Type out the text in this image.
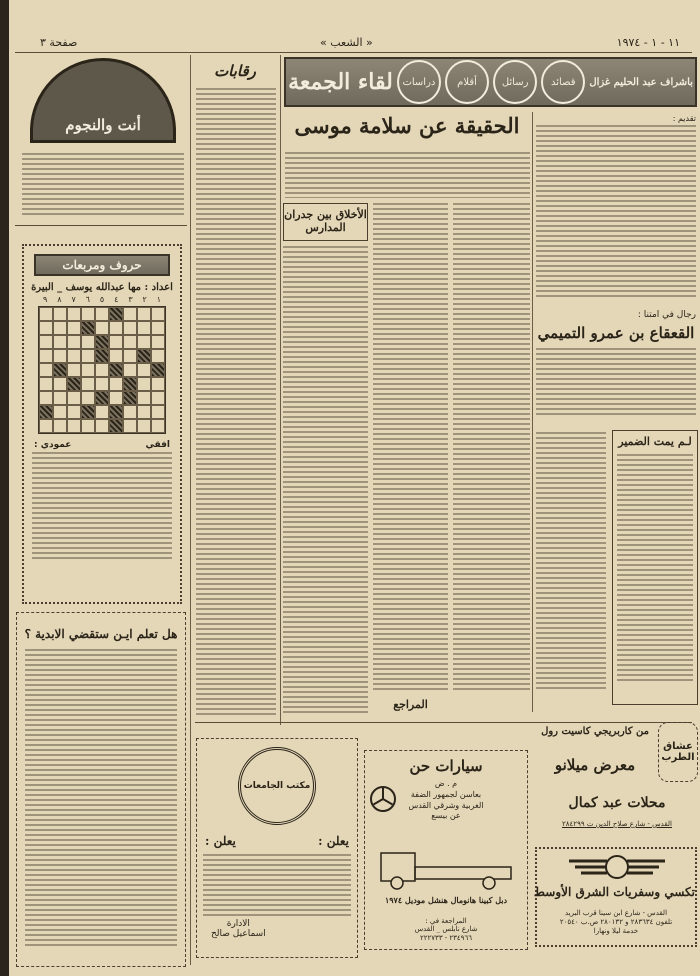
١١ - ١ - ١٩٧٤
« الشعب »
صفحة ٣
أنت والنجوم
حروف ومربعات
اعداد : مها عبدالله يوسف _ البيرة
١
٢
٣
٤
٥
٦
٧
٨
٩
افقي
عمودي :
هل تعلم ايـن ستقضي الابدية ؟
رقابات
باشراف عبد الحليم غزال
قصائد
رسائل
أقلام
دراسات
لقاء الجمعة
الحقيقة عن سلامة موسى
الأخلاق بين جدران المدارس
المراجع
تقديم :
رجال في امتنا :
القعقاع بن عمرو التميمي
لـم يمت الضمير
مكتب الجامعات
يعلن :
يعلن :
الادارة
اسماعيل صالح
سيارات حن
م . ض
بعاسن لجمهور الضفة
الغربية وشرقي القدس
عن بيسع
دبل كبينا هانومال هنشل موديل ١٩٧٤
المراجعة في :
شارع نابلس _ القدس
٢٣٤٩٦٦ - ٢٢٢٧٣٣
عشاق الطرب
من كاربريجي كاسيت رول
معرض ميلانو
محلات عبد كمال
القدس - شارع صلاح الدين ت ٢٨٤٢٩٩
تكسي وسفريات الشرق الأوسط
القدس - شارع ابن سينا قرب البريد
تلفون ٢٨٣٦٣٤ و ٢٨٠١٣٢ ص.ب ٢٠٥٤٠
خدمة ليلا ونهارا
